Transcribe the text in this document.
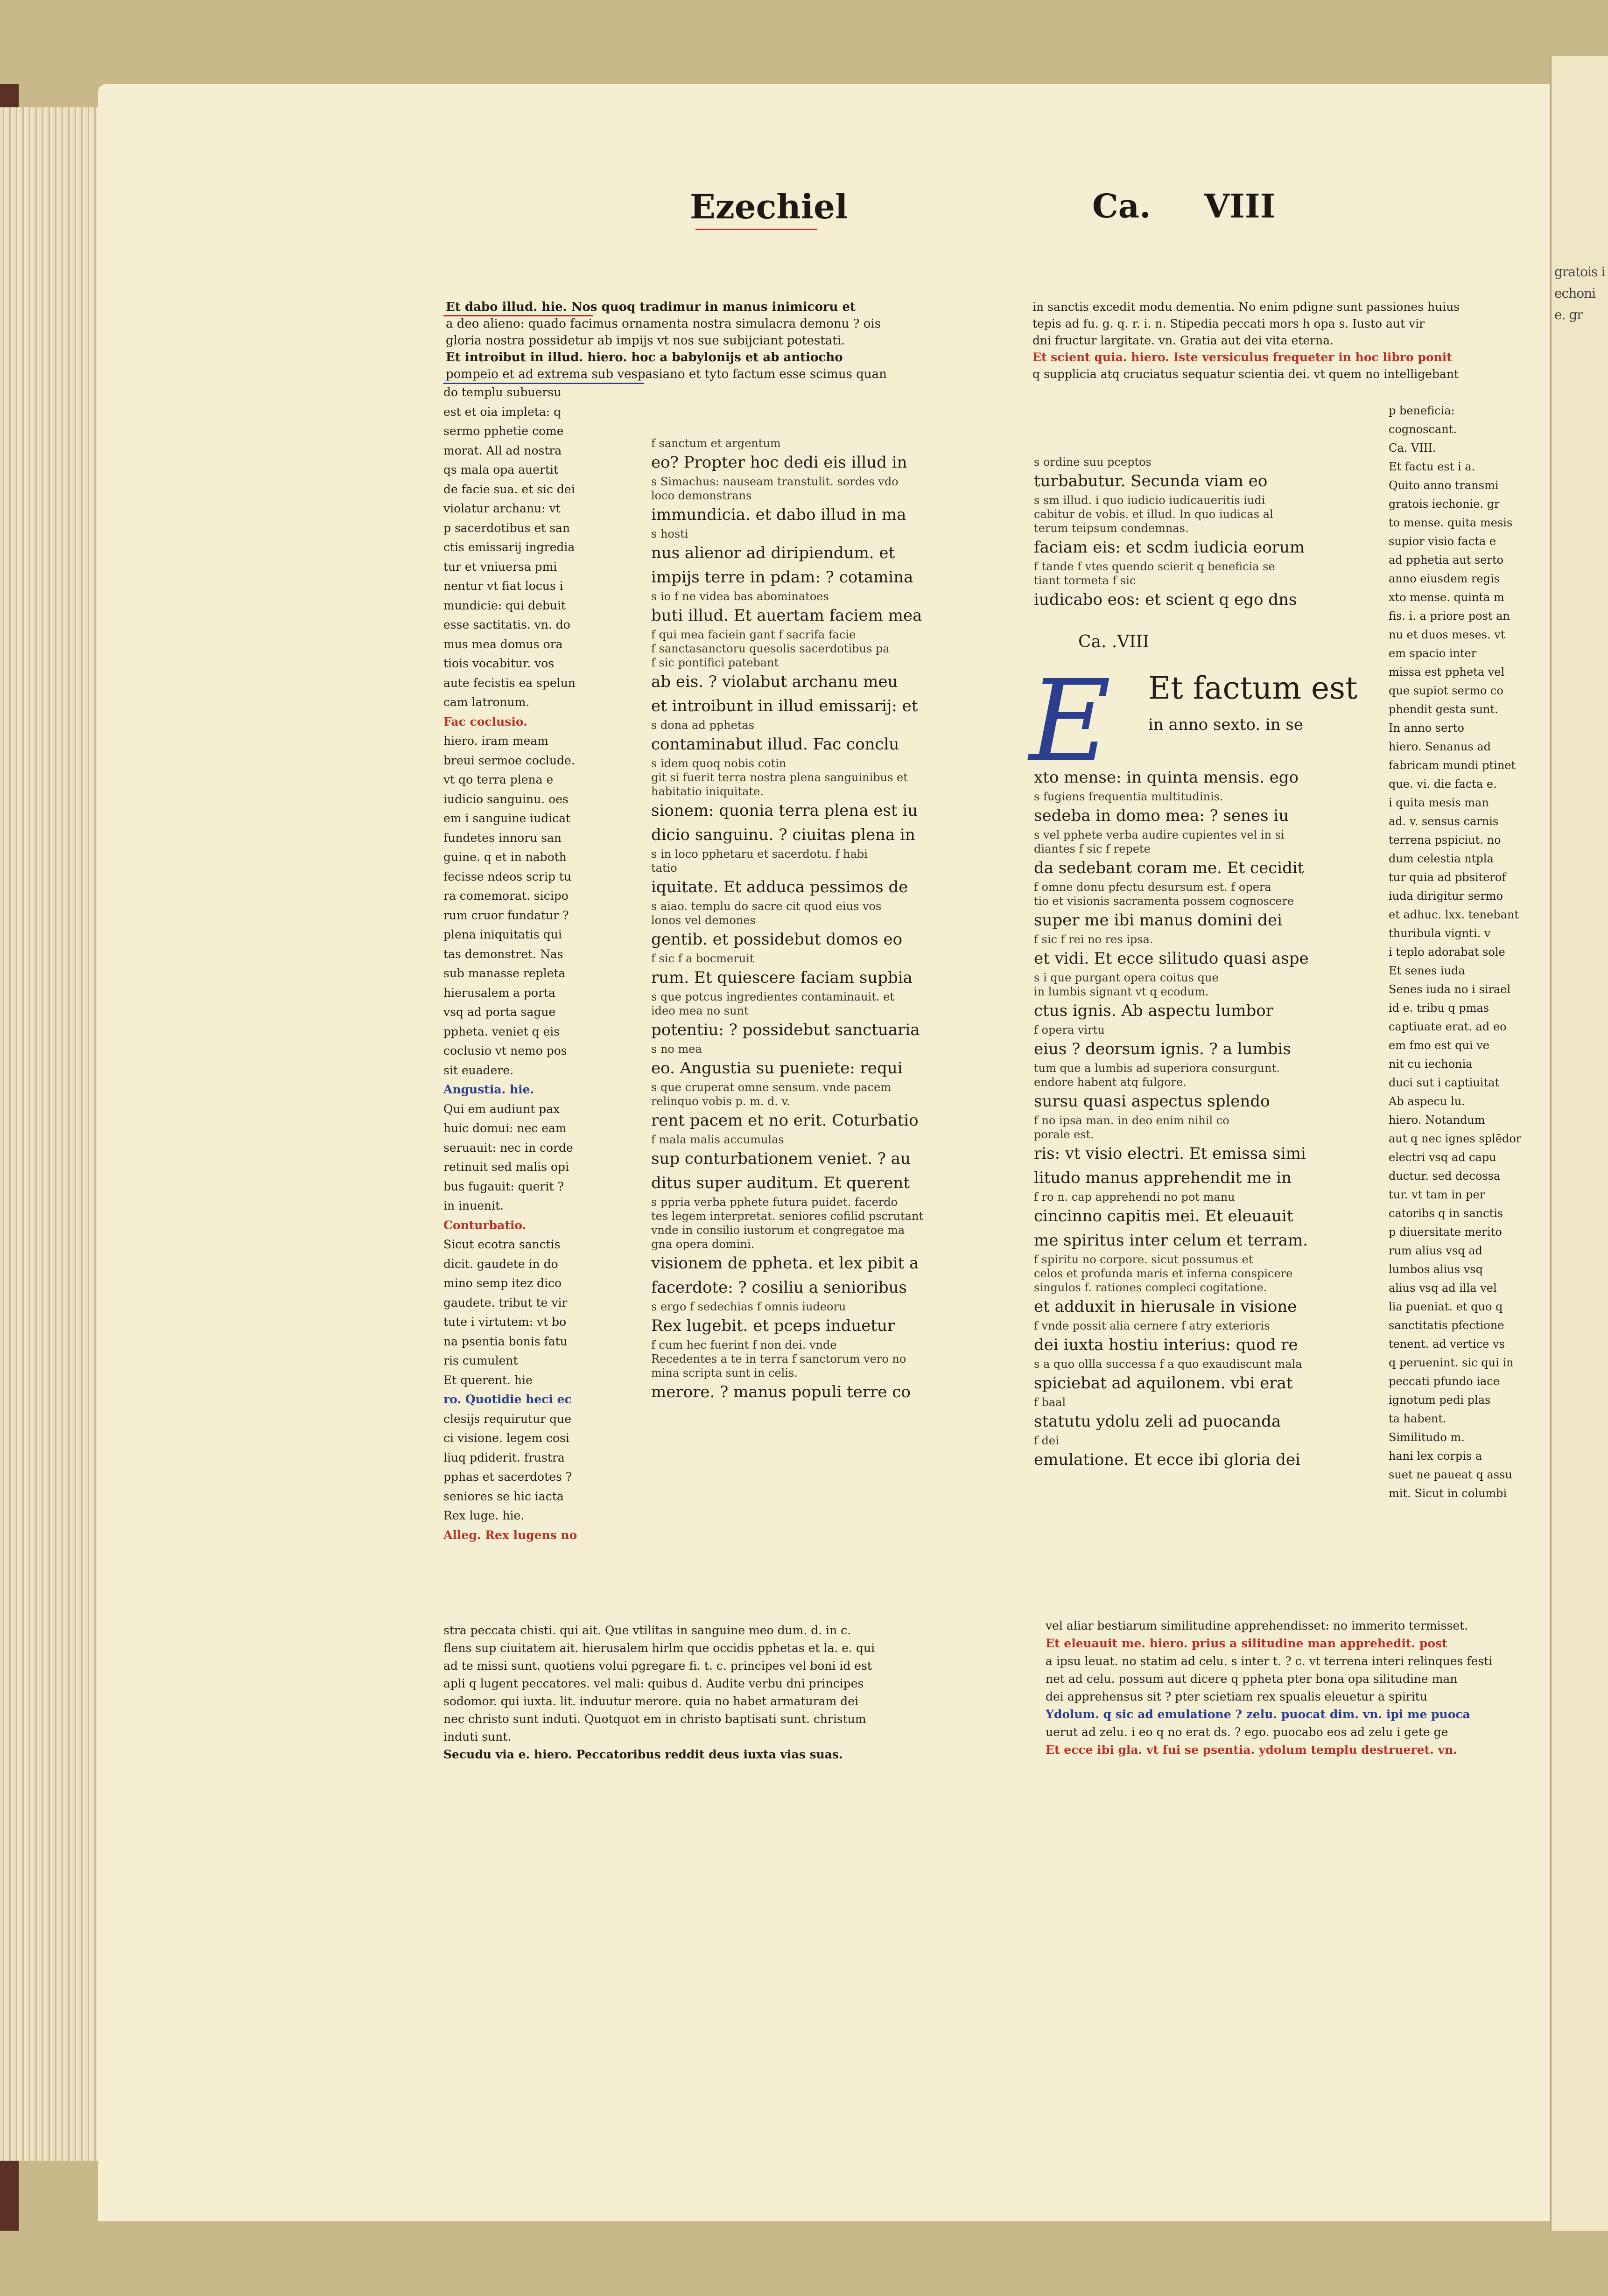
gratois iechonie. gr

Ezechiel	Ca. VIII

Et dabo illud. hie. Nos quoq tradimur in manus inimicoru et

a deo alieno: quado facimus ornamenta nostra simulacra demonu ? ois

gloria nostra possidetur ab impijs vt nos sue subijciant potestati.

Et introibut in illud. hiero. hoc a babylonijs et ab antiocho

pompeio et ad extrema sub vespasiano et tyto factum esse scimus quan

do templu subuersu

est et oia impleta: q

sermo pphetie come

morat. All ad nostra

qs mala opa auertit

de facie sua. et sic dei

violatur archanu: vt

p sacerdotibus et san

ctis emissarij ingredia

tur et vniuersa pmi

nentur vt fiat locus i

mundicie: qui debuit

esse sactitatis. vn. do

mus mea domus ora

tiois vocabitur. vos

aute fecistis ea spelun

cam latronum.

Fac coclusio.

hiero. iram meam

breui sermoe coclude.

vt qo terra plena e

iudicio sanguinu. oes

em i sanguine iudicat

fundetes innoru san

guine. q et in naboth

fecisse ndeos scrip tu

ra comemorat. sicipo

rum cruor fundatur ?

plena iniquitatis qui

tas demonstret. Nas

sub manasse repleta

hierusalem a porta

vsq ad porta sague

ppheta. veniet q eis

coclusio vt nemo pos

sit euadere.

Angustia. hie.

Qui em audiunt pax

huic domui: nec eam

seruauit: nec in corde

retinuit sed malis opi

bus fugauit: querit ?

in inuenit.

Conturbatio.

Sicut ecotra sanctis

dicit. gaudete in do

mino semp itez dico

gaudete. tribut te vir

tute i virtutem: vt bo

na psentia bonis fatu

ris cumulent

Et querent. hie

ro. Quotidie heci ec

clesijs requirutur que

ci visione. legem cosi

liuq pdiderit. frustra

pphas et sacerdotes ?

seniores se hic iacta

Rex luge. hie.

Alleg. Rex lugens no

f sanctum et argentum

eo? Propter hoc dedi eis illud in

s Simachus: nauseam transtulit. sordes vdo

loco demonstrans

immundicia. et dabo illud in ma

s hosti

nus alienor ad diripiendum. et

impijs terre in pdam: ? cotamina

s io f ne videa bas abominatoes

buti illud. Et auertam faciem mea

f qui mea faciein gant f sacrifa facie

f sanctasanctoru quesolis sacerdotibus pa

f sic pontifici patebant

ab eis. ? violabut archanu meu

et introibunt in illud emissarij: et

s dona ad pphetas

contaminabut illud. Fac conclu

s idem quoq nobis cotin

git si fuerit terra nostra plena sanguinibus et

habitatio iniquitate.

sionem: quonia terra plena est iu

dicio sanguinu. ? ciuitas plena in

s in loco pphetaru et sacerdotu. f habi

tatio

iquitate. Et adduca pessimos de

s aiao. templu do sacre cit quod eius vos

lonos vel demones

gentib. et possidebut domos eo

f sic f a bocmeruit

rum. Et quiescere faciam supbia

s que potcus ingredientes contaminauit. et

ideo mea no sunt

potentiu: ? possidebut sanctuaria

s no mea

eo. Angustia su pueniete: requi

s que cruperat omne sensum. vnde pacem

relinquo vobis p. m. d. v.

rent pacem et no erit. Coturbatio

f mala malis accumulas

sup conturbationem veniet. ? au

ditus super auditum. Et querent

s ppria verba pphete futura puidet. facerdo

tes legem interpretat. seniores cofilid pscrutant

vnde in consilio iustorum et congregatoe ma

gna opera domini.

visionem de ppheta. et lex pibit a

facerdote: ? cosiliu a senioribus

s ergo f sedechias f omnis iudeoru

Rex lugebit. et pceps induetur

f cum hec fuerint f non dei. vnde

Recedentes a te in terra f sanctorum vero no

mina scripta sunt in celis.

merore. ? manus populi terre co

stra peccata chisti. qui ait. Que vtilitas in sanguine meo dum. d. in c.

flens sup ciuitatem ait. hierusalem hirlm que occidis pphetas et la. e. qui

ad te missi sunt. quotiens volui pgregare fi. t. c. principes vel boni id est

apli q lugent peccatores. vel mali: quibus d. Audite verbu dni principes

sodomor. qui iuxta. lit. induutur merore. quia no habet armaturam dei

nec christo sunt induti. Quotquot em in christo baptisati sunt. christum

induti sunt.

Secudu via e. hiero. Peccatoribus reddit deus iuxta vias suas.

in sanctis excedit modu dementia. No enim pdigne sunt passiones huius

tepis ad fu. g. q. r. i. n. Stipedia peccati mors h opa s. Iusto aut vir

dni fructur largitate. vn. Gratia aut dei vita eterna.

Et scient quia. hiero. Iste versiculus frequeter in hoc libro ponit

q supplicia atq cruciatus sequatur scientia dei. vt quem no intelligebant

s ordine suu pceptos

turbabutur. Secunda viam eo

s sm illud. i quo iudicio iudicaueritis iudi

cabitur de vobis. et illud. In quo iudicas al

terum teipsum condemnas.

faciam eis: et scdm iudicia eorum

f tande f vtes quendo scierit q beneficia se

tiant tormeta f sic

iudicabo eos: et scient q ego dns

Ca. .VIII
E Et factum est

in anno sexto. in se

xto mense: in quinta mensis. ego

s fugiens frequentia multitudinis.

sedeba in domo mea: ? senes iu

s vel pphete verba audire cupientes vel in si

diantes f sic f repete

da sedebant coram me. Et cecidit

f omne donu pfectu desursum est. f opera

tio et visionis sacramenta possem cognoscere

super me ibi manus domini dei

f sic f rei no res ipsa.

et vidi. Et ecce silitudo quasi aspe

s i que purgant opera coitus que

in lumbis signant vt q ecodum.

ctus ignis. Ab aspectu lumbor

f opera virtu

eius ? deorsum ignis. ? a lumbis

tum que a lumbis ad superiora consurgunt.

endore habent atq fulgore.

sursu quasi aspectus splendo

f no ipsa man. in deo enim nihil co

porale est.

ris: vt visio electri. Et emissa simi

litudo manus apprehendit me in

f ro n. cap apprehendi no pot manu

cincinno capitis mei. Et eleuauit

me spiritus inter celum et terram.

f spiritu no corpore. sicut possumus et

celos et profunda maris et inferna conspicere

singulos f. rationes compleci cogitatione.

et adduxit in hierusale in visione

f vnde possit alia cernere f atry exterioris

dei iuxta hostiu interius: quod re

s a quo ollla successa f a quo exaudiscunt mala

spiciebat ad aquilonem. vbi erat

f baal

statutu ydolu zeli ad puocanda

f dei

emulatione. Et ecce ibi gloria dei

vel aliar bestiarum similitudine apprehendisset: no immerito termisset.

Et eleuauit me. hiero. prius a silitudine man apprehedit. post

a ipsu leuat. no statim ad celu. s inter t. ? c. vt terrena interi relinques festi

net ad celu. possum aut dicere q ppheta pter bona opa silitudine man

dei apprehensus sit ? pter scietiam rex spualis eleuetur a spiritu

Ydolum. q sic ad emulatione ? zelu. puocat dim. vn. ipi me puoca

uerut ad zelu. i eo q no erat ds. ? ego. puocabo eos ad zelu i gete ge

Et ecce ibi gla. vt fui se psentia. ydolum templu destrueret. vn.

p beneficia:

cognoscant.

Ca. VIII.

Et factu est i a.

Quito anno transmi

gratois iechonie. gr

to mense. quita mesis

supior visio facta e

ad pphetia aut serto

anno eiusdem regis

xto mense. quinta m

fis. i. a priore post an

nu et duos meses. vt

em spacio inter

missa est ppheta vel

que supiot sermo co

phendit gesta sunt.

In anno serto

hiero. Senanus ad

fabricam mundi ptinet

que. vi. die facta e.

i quita mesis man

ad. v. sensus carnis

terrena pspiciut. no

dum celestia ntpla

tur quia ad pbsiterof

iuda dirigitur sermo

et adhuc. lxx. tenebant

thuribula vignti. v

i teplo adorabat sole

Et senes iuda

Senes iuda no i sirael

id e. tribu q pmas

captiuate erat. ad eo

em fmo est qui ve

nit cu iechonia

duci sut i captiuitat

Ab aspecu lu.

hiero. Notandum

aut q nec ignes splēdor

electri vsq ad capu

ductur. sed decossa

tur. vt tam in per

catoribs q in sanctis

p diuersitate merito

rum alius vsq ad

lumbos alius vsq

alius vsq ad illa vel

lia pueniat. et quo q

sanctitatis pfectione

tenent. ad vertice vs

q peruenint. sic qui in

peccati pfundo iace

ignotum pedi plas

ta habent.

Similitudo m.

hani lex corpis a

suet ne paueat q assu

mit. Sicut in columbi
